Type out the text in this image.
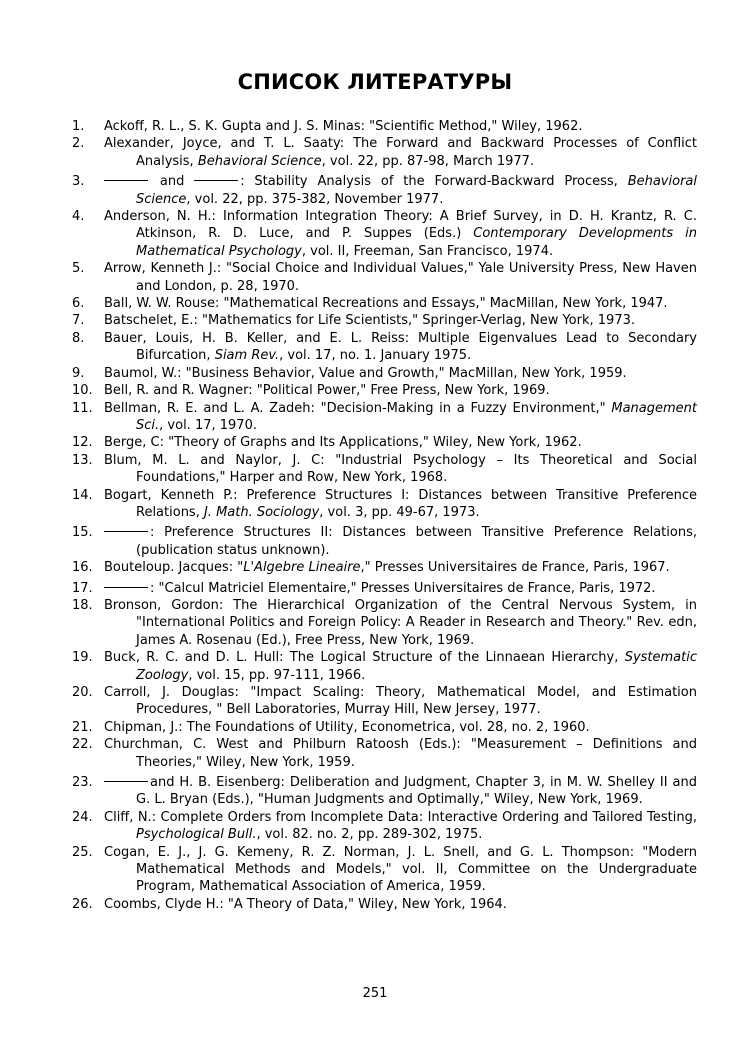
СПИСОК ЛИТЕРАТУРЫ
1.	Ackoff, R. L., S. K. Gupta and J. S. Minas: "Scientific Method," Wiley, 1962.
2.	Alexander, Joyce, and T. L. Saaty: The Forward and Backward Processes of Conflict Analysis, Behavioral Science, vol. 22, pp. 87-98, March 1977.
3.	and	: Stability Analysis of the Forward-Backward Process, Behavioral Science, vol. 22, pp. 375-382, November 1977.
4.	Anderson, N. H.: Information Integration Theory: A Brief Survey, in D. H. Krantz, R. C. Atkinson, R. D. Luce, and P. Suppes (Eds.) Contemporary Developments in Mathematical Psychology, vol. II, Freeman, San Francisco, 1974.
5.	Arrow, Kenneth J.: "Social Choice and Individual Values," Yale University Press, New Haven and London, p. 28, 1970.
6.	Ball, W. W. Rouse: "Mathematical Recreations and Essays," MacMillan, New York, 1947.
7.	Batschelet, E.: "Mathematics for Life Scientists," Springer-Verlag, New York, 1973.
8.	Bauer, Louis, H. B. Keller, and E. L. Reiss: Multiple Eigenvalues Lead to Secondary Bifurcation, Siam Rev., vol. 17, no. 1. January 1975.
9.	Baumol, W.: "Business Behavior, Value and Growth," MacMillan, New York, 1959.
10. Bell, R. and R. Wagner: "Political Power," Free Press, New York, 1969.
11. Bellman, R. E. and L. A. Zadeh: "Decision-Making in a Fuzzy Environment," Management Sci., vol. 17, 1970.
12. Berge, C: "Theory of Graphs and Its Applications," Wiley, New York, 1962.
13. Blum, M. L. and Naylor, J. C: "Industrial Psychology – Its Theoretical and Social Foundations," Harper and Row, New York, 1968.
14. Bogart, Kenneth P.: Preference Structures I: Distances between Transitive Preference Relations, J. Math. Sociology, vol. 3, pp. 49-67, 1973.
15.	: Preference Structures II: Distances between Transitive Preference Relations, (publication status unknown).
16. Bouteloup. Jacques: "L'Algebre Lineaire," Presses Universitaires de France, Paris, 1967.
17.	: "Calcul Matriciel Elementaire," Presses Universitaires de France, Paris, 1972.
18. Bronson, Gordon: The Hierarchical Organization of the Central Nervous System, in "International Politics and Foreign Policy: A Reader in Research and Theory." Rev. edn, James A. Rosenau (Ed.), Free Press, New York, 1969.
19. Buck, R. C. and D. L. Hull: The Logical Structure of the Linnaean Hierarchy, Systematic Zoology, vol. 15, pp. 97-111, 1966.
20. Carroll, J. Douglas: "Impact Scaling: Theory, Mathematical Model, and Estimation Procedures, " Bell Laboratories, Murray Hill, New Jersey, 1977.
21. Chipman, J.: The Foundations of Utility, Econometrica, vol. 28, no. 2, 1960.
22. Churchman, C. West and Philburn Ratoosh (Eds.): "Measurement – Definitions and Theories," Wiley, New York, 1959.
23.	and H. B. Eisenberg: Deliberation and Judgment, Chapter 3, in M. W. Shelley II and G. L. Bryan (Eds.), "Human Judgments and Optimally," Wiley, New York, 1969.
24. Cliff, N.: Complete Orders from Incomplete Data: Interactive Ordering and Tailored Testing, Psychological Bull., vol. 82. no. 2, pp. 289-302, 1975.
25. Cogan, E. J., J. G. Kemeny, R. Z. Norman, J. L. Snell, and G. L. Thompson: "Modern Mathematical Methods and Models," vol. II, Committee on the Undergraduate Program, Mathematical Association of America, 1959.
26. Coombs, Clyde H.: "A Theory of Data," Wiley, New York, 1964.
251
